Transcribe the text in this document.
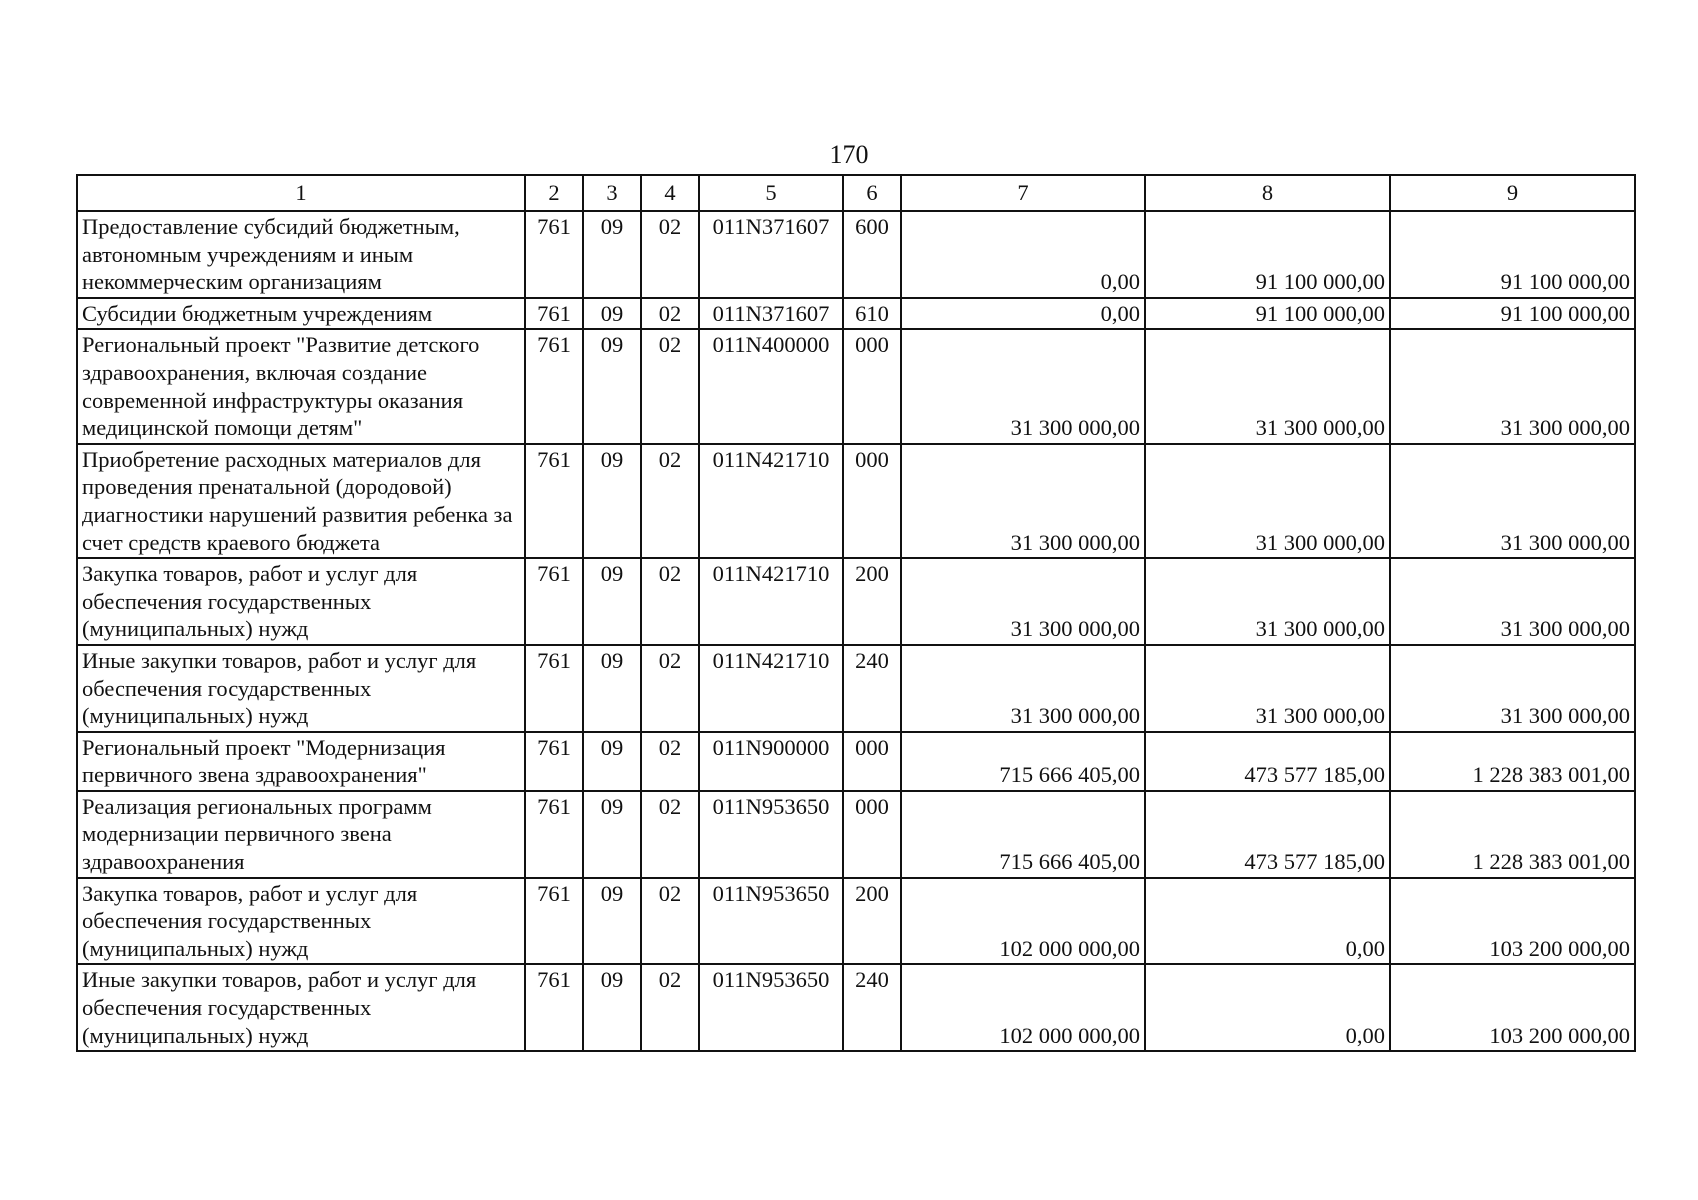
170
1	2	3	4	5	6	7	8	9
Предоставление субсидий бюджетным, автономным учреждениям и иным некоммерческим организациям	761	09	02	011N371607	600	0,00	91 100 000,00	91 100 000,00
Субсидии бюджетным учреждениям	761	09	02	011N371607	610	0,00	91 100 000,00	91 100 000,00
Региональный проект "Развитие детского здравоохранения, включая создание современной инфраструктуры оказания медицинской помощи детям"	761	09	02	011N400000	000	31 300 000,00	31 300 000,00	31 300 000,00
Приобретение расходных материалов для проведения пренатальной (дородовой) диагностики нарушений развития ребенка за счет средств краевого бюджета	761	09	02	011N421710	000	31 300 000,00	31 300 000,00	31 300 000,00
Закупка товаров, работ и услуг для обеспечения государственных (муниципальных) нужд	761	09	02	011N421710	200	31 300 000,00	31 300 000,00	31 300 000,00
Иные закупки товаров, работ и услуг для обеспечения государственных (муниципальных) нужд	761	09	02	011N421710	240	31 300 000,00	31 300 000,00	31 300 000,00
Региональный проект "Модернизация первичного звена здравоохранения"	761	09	02	011N900000	000	715 666 405,00	473 577 185,00	1 228 383 001,00
Реализация региональных программ модернизации первичного звена здравоохранения	761	09	02	011N953650	000	715 666 405,00	473 577 185,00	1 228 383 001,00
Закупка товаров, работ и услуг для обеспечения государственных (муниципальных) нужд	761	09	02	011N953650	200	102 000 000,00	0,00	103 200 000,00
Иные закупки товаров, работ и услуг для обеспечения государственных (муниципальных) нужд	761	09	02	011N953650	240	102 000 000,00	0,00	103 200 000,00
